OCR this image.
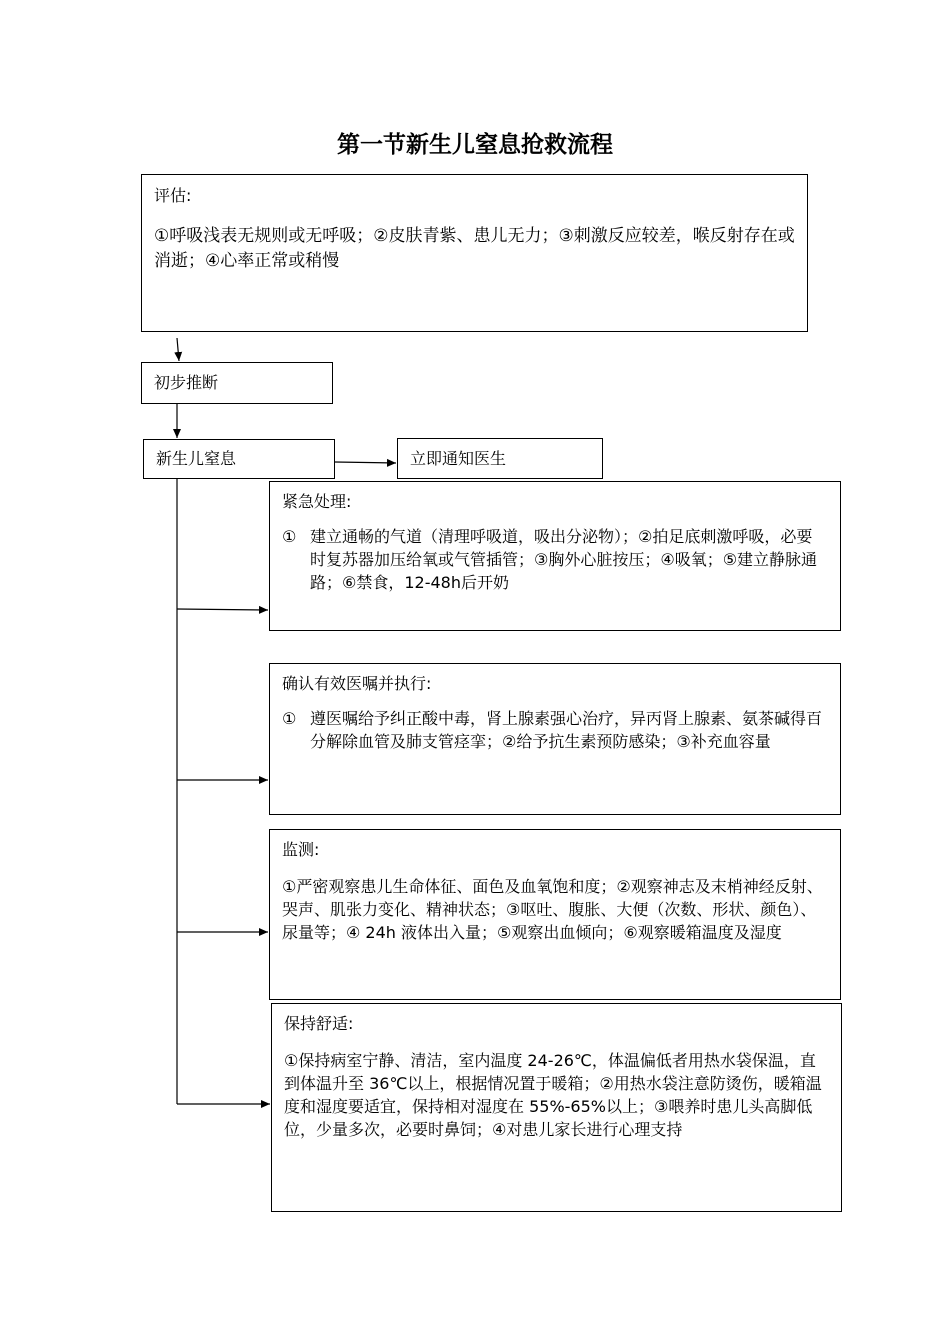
第一节新生儿窒息抢救流程
评估:
①呼吸浅表无规则或无呼吸；②皮肤青紫、患儿无力；③刺激反应较差，喉反射存在或消逝；④心率正常或稍慢
初步推断
新生儿窒息	立即通知医生
紧急处理:
① 建立通畅的气道（清理呼吸道，吸出分泌物）；②拍足底刺激呼吸，必要时复苏器加压给氧或气管插管；③胸外心脏按压；④吸氧；⑤建立静脉通路；⑥禁食，12-48h后开奶
确认有效医嘱并执行:
① 遵医嘱给予纠正酸中毒，肾上腺素强心治疗，异丙肾上腺素、氨茶碱得百分解除血管及肺支管痉挛；②给予抗生素预防感染；③补充血容量
监测:
①严密观察患儿生命体征、面色及血氧饱和度；②观察神志及末梢神经反射、哭声、肌张力变化、精神状态；③呕吐、腹胀、大便（次数、形状、颜色）、尿量等；④ 24h 液体出入量；⑤观察出血倾向；⑥观察暖箱温度及湿度
保持舒适:
①保持病室宁静、清洁，室内温度 24-26℃，体温偏低者用热水袋保温，直到体温升至 36℃以上，根据情况置于暖箱；②用热水袋注意防烫伤，暖箱温度和湿度要适宜，保持相对湿度在 55%-65%以上；③喂养时患儿头高脚低位，少量多次，必要时鼻饲；④对患儿家长进行心理支持
